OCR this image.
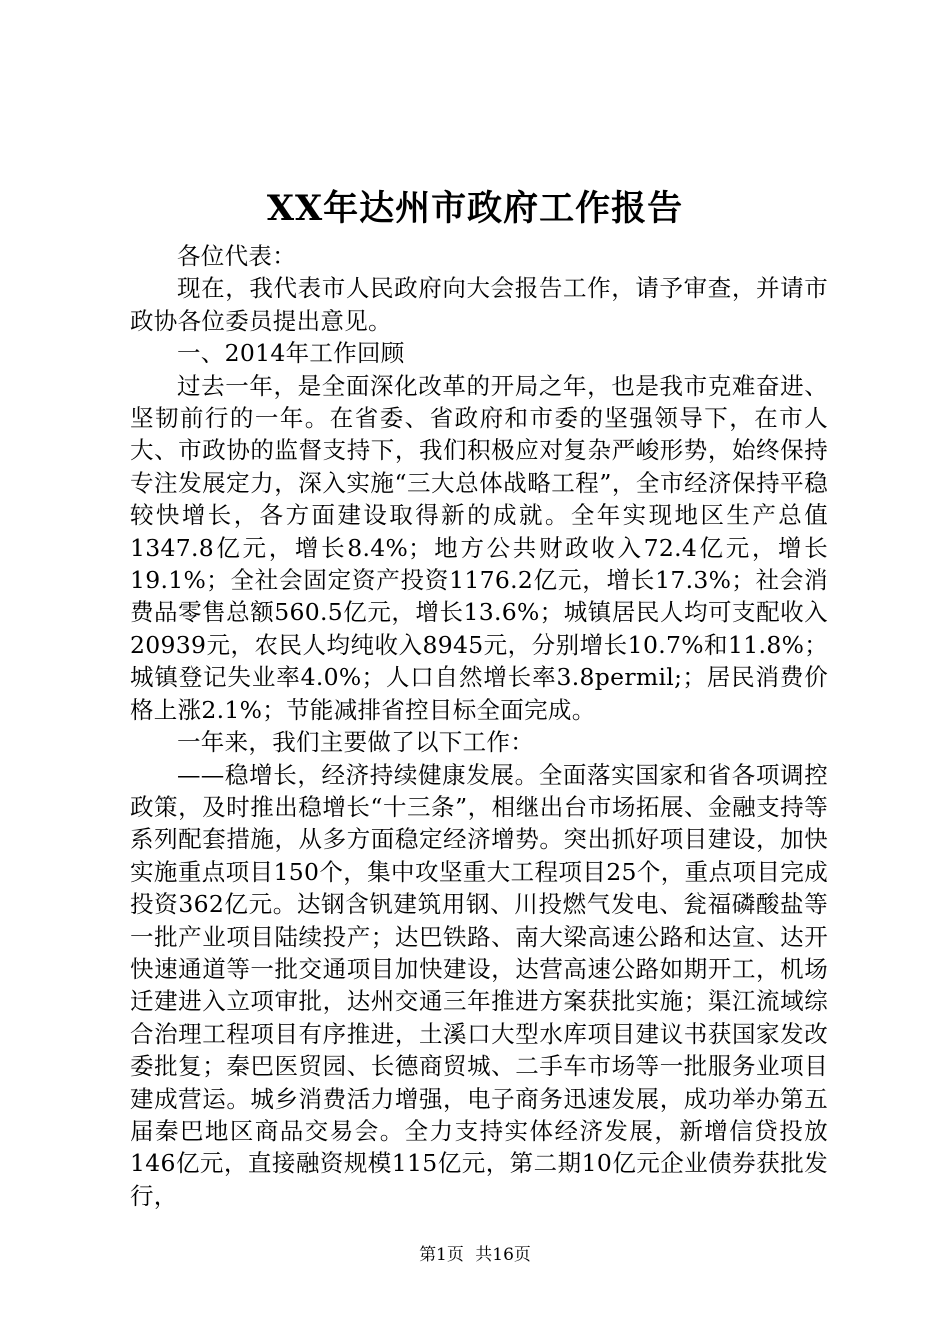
XX年达州市政府工作报告

各位代表：

现在，我代表市人民政府向大会报告工作，请予审查，并请市政协各位委员提出意见。

一、2014年工作回顾

过去一年，是全面深化改革的开局之年，也是我市克难奋进、坚韧前行的一年。在省委、省政府和市委的坚强领导下，在市人大、市政协的监督支持下，我们积极应对复杂严峻形势，始终保持专注发展定力，深入实施“三大总体战略工程”，全市经济保持平稳较快增长，各方面建设取得新的成就。全年实现地区生产总值1347.8亿元，增长8.4%；地方公共财政收入72.4亿元，增长19.1%；全社会固定资产投资1176.2亿元，增长17.3%；社会消费品零售总额560.5亿元，增长13.6%；城镇居民人均可支配收入20939元，农民人均纯收入8945元，分别增长10.7%和11.8%；城镇登记失业率4.0%；人口自然增长率3.8permil;；居民消费价格上涨2.1%；节能减排省控目标全面完成。

一年来，我们主要做了以下工作：

——稳增长，经济持续健康发展。全面落实国家和省各项调控政策，及时推出稳增长“十三条”，相继出台市场拓展、金融支持等系列配套措施，从多方面稳定经济增势。突出抓好项目建设，加快实施重点项目150个，集中攻坚重大工程项目25个，重点项目完成投资362亿元。达钢含钒建筑用钢、川投燃气发电、瓮福磷酸盐等一批产业项目陆续投产；达巴铁路、南大梁高速公路和达宣、达开快速通道等一批交通项目加快建设，达营高速公路如期开工，机场迁建进入立项审批，达州交通三年推进方案获批实施；渠江流域综合治理工程项目有序推进，土溪口大型水库项目建议书获国家发改委批复；秦巴医贸园、长德商贸城、二手车市场等一批服务业项目建成营运。城乡消费活力增强，电子商务迅速发展，成功举办第五届秦巴地区商品交易会。全力支持实体经济发展，新增信贷投放146亿元，直接融资规模115亿元，第二期10亿元企业债券获批发行，

第1页 共16页
